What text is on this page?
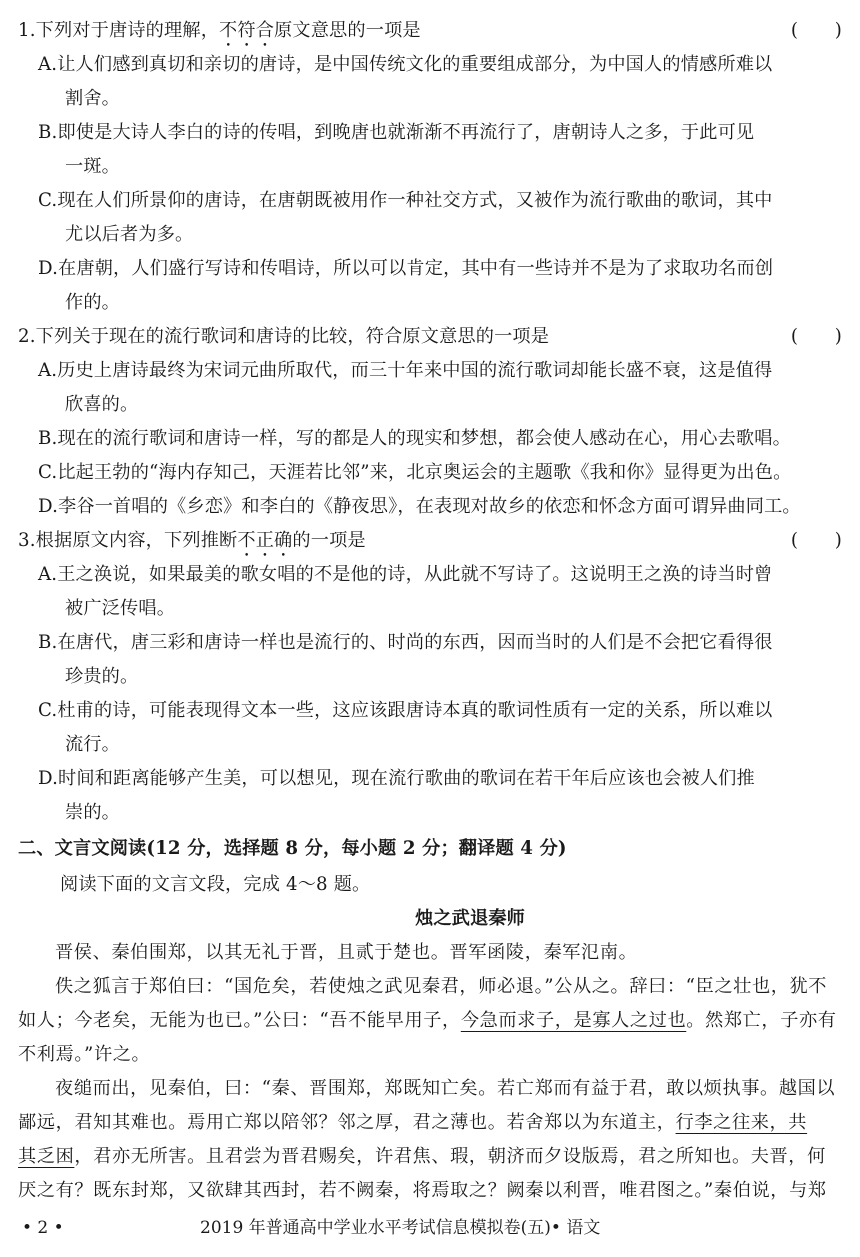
1.下列对于唐诗的理解，不符合原文意思的一项是	(　　)
A.让人们感到真切和亲切的唐诗，是中国传统文化的重要组成部分，为中国人的情感所难以
割舍。
B.即使是大诗人李白的诗的传唱，到晚唐也就渐渐不再流行了，唐朝诗人之多，于此可见
一斑。
C.现在人们所景仰的唐诗，在唐朝既被用作一种社交方式，又被作为流行歌曲的歌词，其中
尤以后者为多。
D.在唐朝，人们盛行写诗和传唱诗，所以可以肯定，其中有一些诗并不是为了求取功名而创
作的。
2.下列关于现在的流行歌词和唐诗的比较，符合原文意思的一项是	(　　)
A.历史上唐诗最终为宋词元曲所取代，而三十年来中国的流行歌词却能长盛不衰，这是值得
欣喜的。
B.现在的流行歌词和唐诗一样，写的都是人的现实和梦想，都会使人感动在心，用心去歌唱。
C.比起王勃的“海内存知己，天涯若比邻”来，北京奥运会的主题歌《我和你》显得更为出色。
D.李谷一首唱的《乡恋》和李白的《静夜思》，在表现对故乡的依恋和怀念方面可谓异曲同工。
3.根据原文内容，下列推断不正确的一项是	(　　)
A.王之涣说，如果最美的歌女唱的不是他的诗，从此就不写诗了。这说明王之涣的诗当时曾
被广泛传唱。
B.在唐代，唐三彩和唐诗一样也是流行的、时尚的东西，因而当时的人们是不会把它看得很
珍贵的。
C.杜甫的诗，可能表现得文本一些，这应该跟唐诗本真的歌词性质有一定的关系，所以难以
流行。
D.时间和距离能够产生美，可以想见，现在流行歌曲的歌词在若干年后应该也会被人们推
崇的。
二、文言文阅读(12 分，选择题 8 分，每小题 2 分；翻译题 4 分)
阅读下面的文言文段，完成 4～8 题。
烛之武退秦师
晋侯、秦伯围郑，以其无礼于晋，且贰于楚也。晋军函陵，秦军氾南。
佚之狐言于郑伯曰：“国危矣，若使烛之武见秦君，师必退。”公从之。辞曰：“臣之壮也，犹不
如人；今老矣，无能为也已。”公曰：“吾不能早用子，今急而求子，是寡人之过也。然郑亡，子亦有
不利焉。”许之。
夜缒而出，见秦伯，曰：“秦、晋围郑，郑既知亡矣。若亡郑而有益于君，敢以烦执事。越国以
鄙远，君知其难也。焉用亡郑以陪邻？邻之厚，君之薄也。若舍郑以为东道主，行李之往来，共
其乏困，君亦无所害。且君尝为晋君赐矣，许君焦、瑕，朝济而夕设版焉，君之所知也。夫晋，何
厌之有？既东封郑，又欲肆其西封，若不阙秦，将焉取之？阙秦以利晋，唯君图之。”秦伯说，与郑
• 2 •	2019 年普通高中学业水平考试信息模拟卷(五)• 语文
